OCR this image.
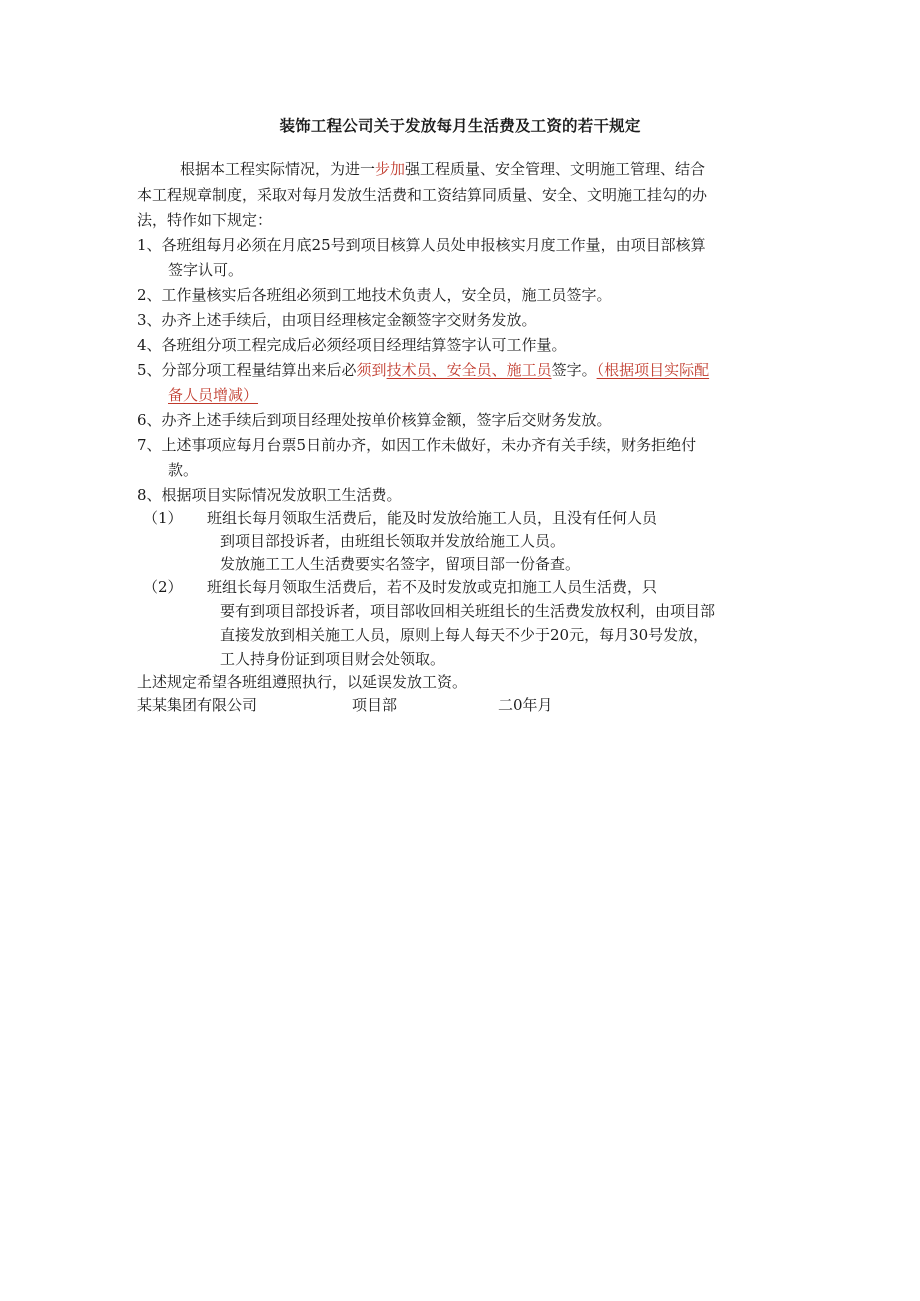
装饰工程公司关于发放每月生活费及工资的若干规定
根据本工程实际情况，为进一步加强工程质量、安全管理、文明施工管理、结合
本工程规章制度，采取对每月发放生活费和工资结算同质量、安全、文明施工挂勾的办
法，特作如下规定：
1、各班组每月必须在月底25号到项目核算人员处申报核实月度工作量，由项目部核算
签字认可。
2、工作量核实后各班组必须到工地技术负责人，安全员，施工员签字。
3、办齐上述手续后，由项目经理核定金额签字交财务发放。
4、各班组分项工程完成后必须经项目经理结算签字认可工作量。
5、分部分项工程量结算出来后必须到技术员、安全员、施工员签字。（根据项目实际配
备人员增减）
6、办齐上述手续后到项目经理处按单价核算金额，签字后交财务发放。
7、上述事项应每月台票5日前办齐，如因工作未做好，未办齐有关手续，财务拒绝付
款。
8、根据项目实际情况发放职工生活费。
（1） 班组长每月领取生活费后，能及时发放给施工人员，且没有任何人员
到项目部投诉者，由班组长领取并发放给施工人员。
发放施工工人生活费要实名签字，留项目部一份备查。
（2） 班组长每月领取生活费后，若不及时发放或克扣施工人员生活费，只
要有到项目部投诉者，项目部收回相关班组长的生活费发放权利，由项目部
直接发放到相关施工人员，原则上每人每天不少于20元，每月30号发放，
工人持身份证到项目财会处领取。
上述规定希望各班组遵照执行，以延误发放工资。
某某集团有限公司	项目部	二0年月
